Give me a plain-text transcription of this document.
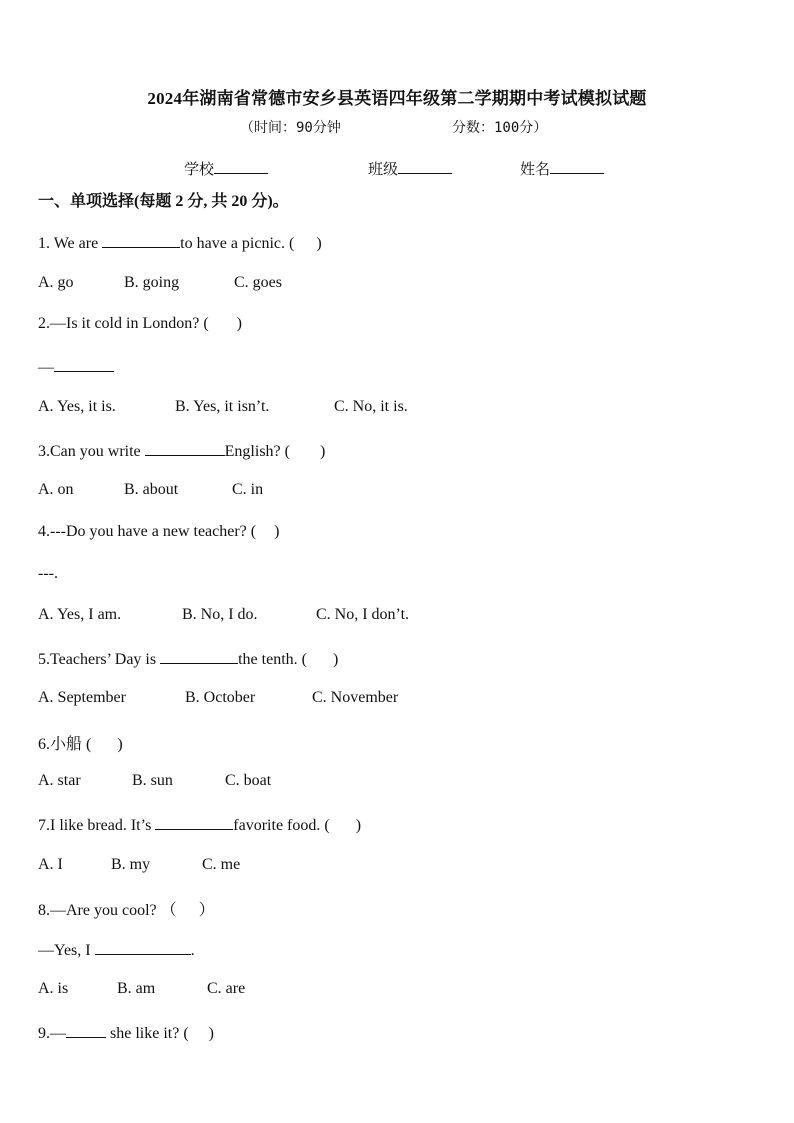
2024年湖南省常德市安乡县英语四年级第二学期期中考试模拟试题
（时间：90分钟	分数：100分）
学校	班级	姓名
一、单项选择(每题 2 分, 共 20 分)。
1. We are	to have a picnic. ( )
A. go	B. going	C. goes
2.—Is it cold in London? ( )
—
A. Yes, it is.	B. Yes, it isn’t.	C. No, it is.
3.Can you write	English? ( )
A. on	B. about	C. in
4.---Do you have a new teacher? ( )
---.
A. Yes, I am.	B. No, I do.	C. No, I don’t.
5.Teachers’ Day is	the tenth. ( )
A. September	B. October	C. November
6.小船 ( )
A. star	B. sun	C. boat
7.I like bread. It’s	favorite food. ( )
A. I	B. my	C. me
8.—Are you cool? （ ）
—Yes, I	.
A. is	B. am	C. are
9.—	she like it? ( )
